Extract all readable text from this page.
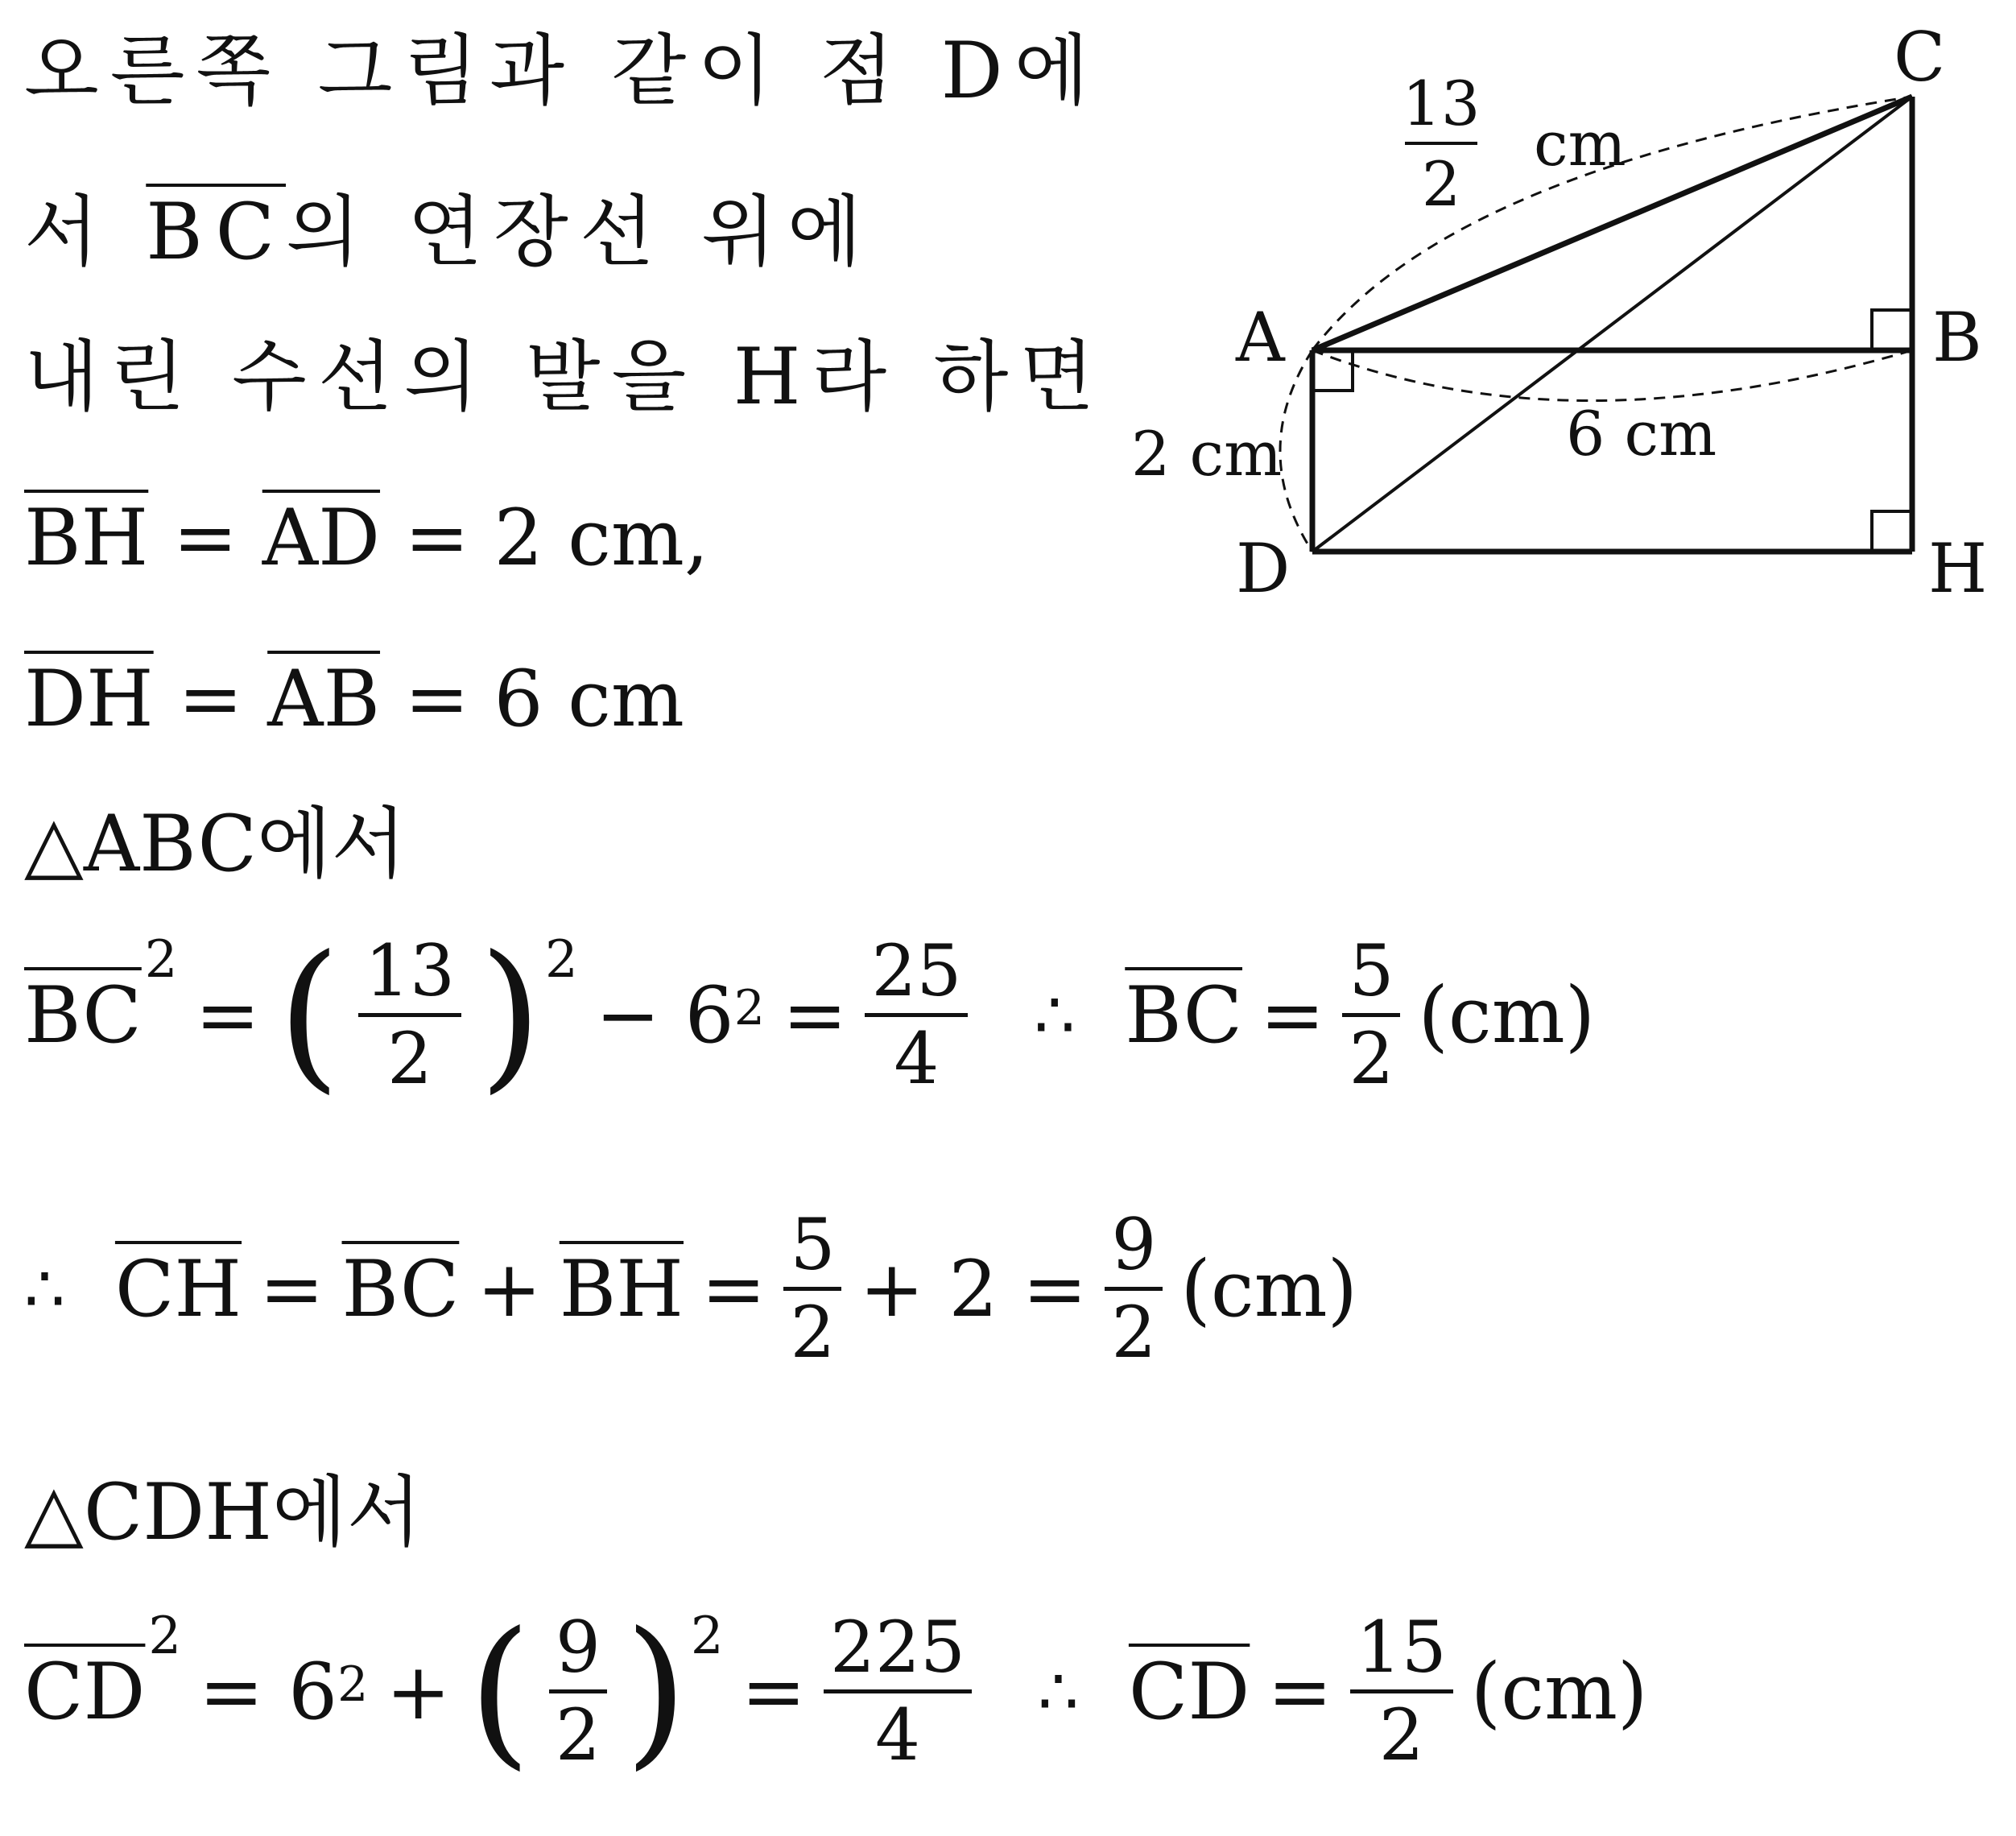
오른쪽 그림과 같이 점 D에
서 $\overline{BC}$의 연장선 위에
내린 수선의 발을 H라 하면
$\overline{BH} = \overline{AD} = 2$ cm,
$\overline{DH} = \overline{AB} = 6$ cm
△ABC에서
$\overline{BC}$
2
= ( $\frac{13}{2}$ ) 2
− $6^2 = \frac{25}{4}$ ∴ $\overline{BC} = \frac{5}{2} (cm)$
∴ $\overline{CH} = \overline{BC} + \overline{BH} = \frac{5}{2} + 2 = \frac{9}{2} (cm)$
△CDH에서
$\overline{CD}$
2
= $6^2$ + ( $\frac{9}{2}$ ) 2
= $\frac{225}{4}$ ∴ $\overline{CD} = \frac{15}{2} (cm)$
A	B
C
D	H
13
2
cm
2 cm	6 cm
